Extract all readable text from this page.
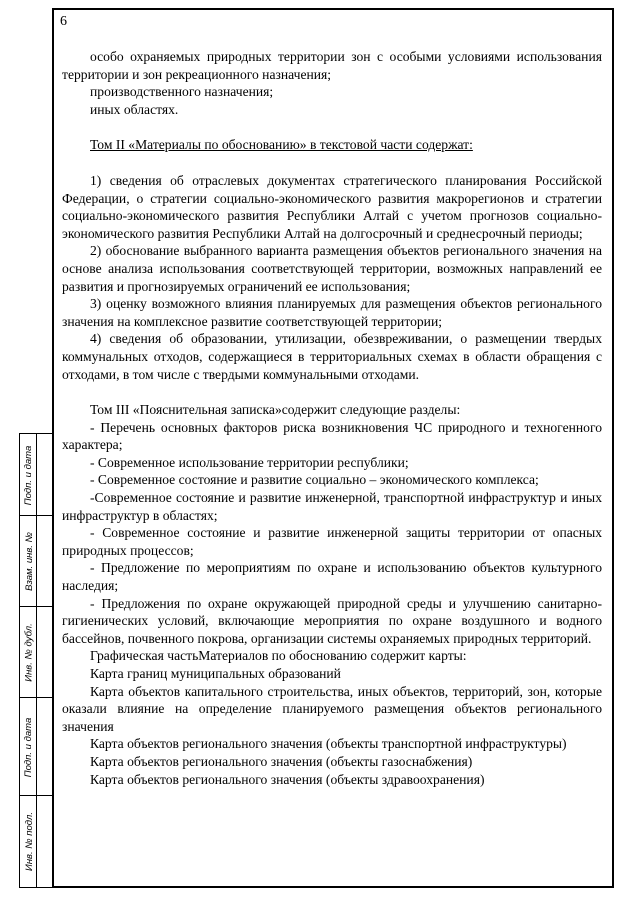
6

особо охраняемых природных территории зон с особыми условиями использования территории и зон рекреационного назначения;

производственного назначения;

иных областях.

Том II «Материалы по обоснованию» в текстовой части содержат:

1) сведения об отраслевых документах стратегического планирования Российской Федерации, о стратегии социально-экономического развития макрорегионов и стратегии социально-экономического развития Республики Алтай с учетом прогнозов социально-экономического развития Республики Алтай на долгосрочный и среднесрочный периоды;

2) обоснование выбранного варианта размещения объектов регионального значения на основе анализа использования соответствующей территории, возможных направлений ее развития и прогнозируемых ограничений ее использования;

3) оценку возможного влияния планируемых для размещения объектов регионального значения на комплексное развитие соответствующей территории;

4) сведения об образовании, утилизации, обезвреживании, о размещении твердых коммунальных отходов, содержащиеся в территориальных схемах в области обращения с отходами, в том числе с твердыми коммунальными отходами.

Том III «Пояснительная записка»содержит следующие разделы:

- Перечень основных факторов риска возникновения ЧС природного и техногенного характера;

- Современное использование территории республики;

- Современное состояние и развитие социально – экономического комплекса;

-Современное состояние и развитие инженерной, транспортной инфраструктур и иных инфраструктур в областях;

- Современное состояние и развитие инженерной защиты территории от опасных природных процессов;

- Предложение по мероприятиям по охране и использованию объектов культурного наследия;

- Предложения по охране окружающей природной среды и улучшению санитарно-гигиенических условий, включающие мероприятия по охране воздушного и водного бассейнов, почвенного покрова, организации системы охраняемых природных территорий.

Графическая частьМатериалов по обоснованию содержит карты:

Карта границ муниципальных образований

Карта объектов капитального строительства, иных объектов, территорий, зон, которые оказали влияние на определение планируемого размещения объектов регионального значения

Карта объектов регионального значения (объекты транспортной инфраструктуры)

Карта объектов регионального значения (объекты газоснабжения)

Карта объектов регионального значения (объекты здравоохранения)

Подп. и дата
Взам. инв. №
Инв. № дубл.
Подп. и дата
Инв. № подл.
